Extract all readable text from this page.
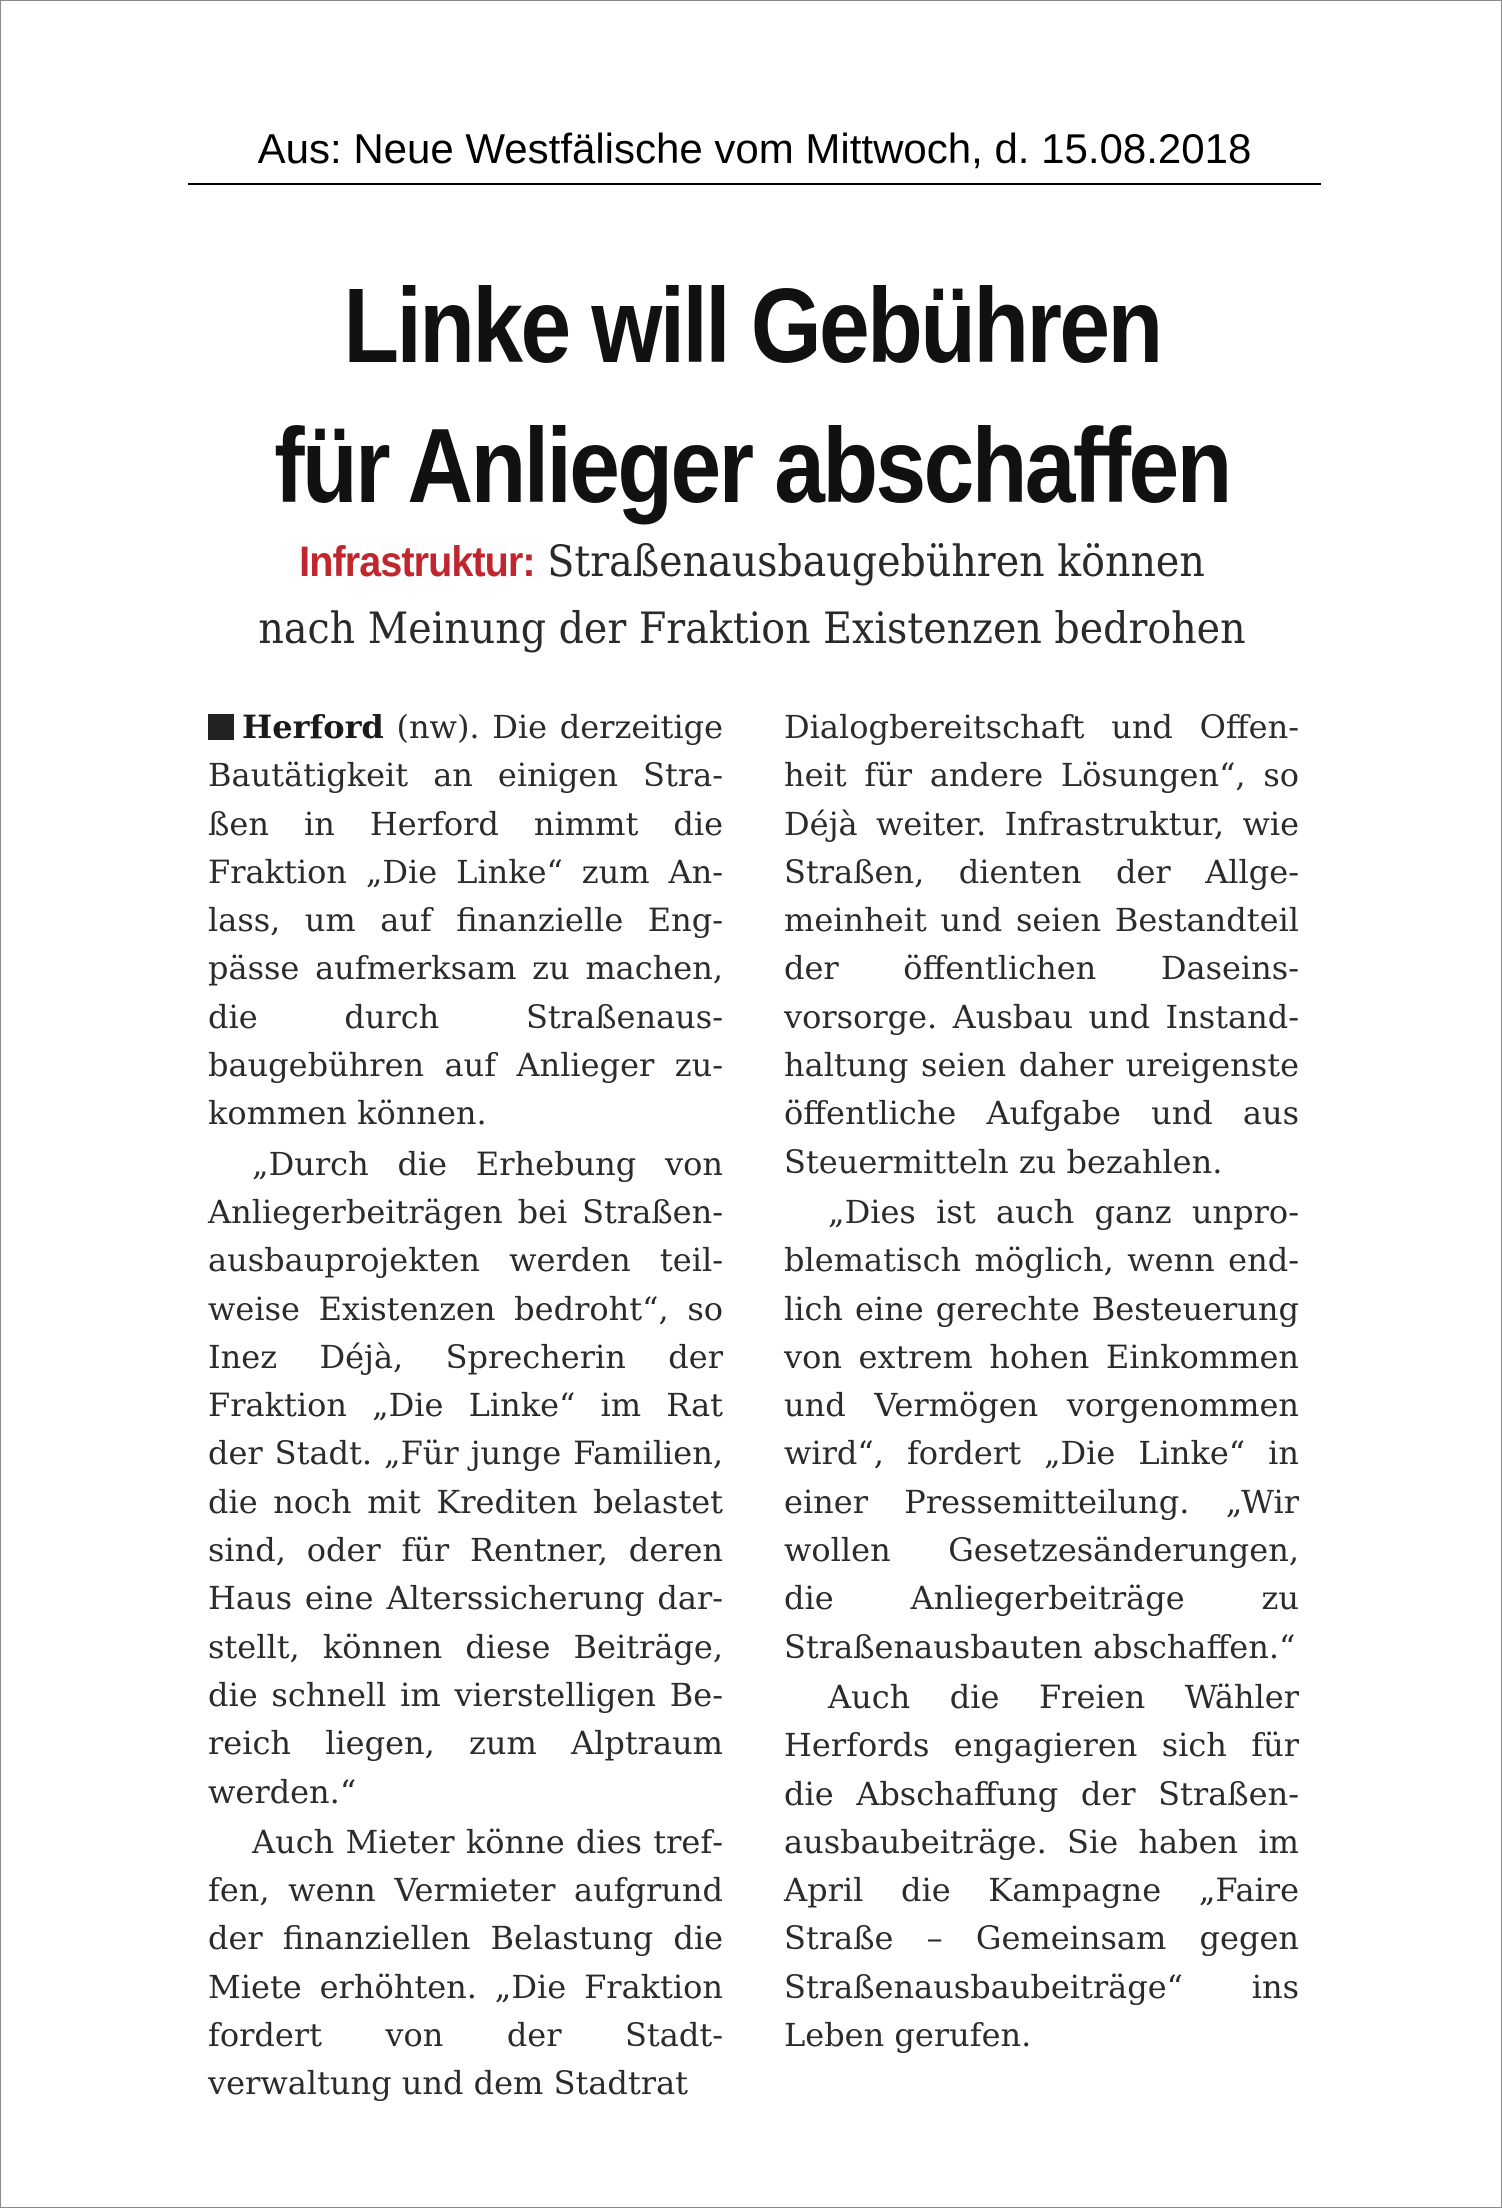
Aus: Neue Westfälische vom Mittwoch, d. 15.08.2018
Linke will Gebühren
für Anlieger abschaffen
Infrastruktur: Straßenausbaugebühren können
nach Meinung der Fraktion Existenzen bedrohen

Herford (nw). Die derzeitige Bautätigkeit an einigen Straßen in Herford nimmt die Fraktion „Die Linke“ zum Anlass, um auf finanzielle Engpässe aufmerksam zu machen, die durch Straßenausbaugebühren auf Anlieger zukommen können.

„Durch die Erhebung von Anliegerbeiträgen bei Straßenausbauprojekten werden teilweise Existenzen bedroht“, so Inez Déjà, Sprecherin der Fraktion „Die Linke“ im Rat der Stadt. „Für junge Familien, die noch mit Krediten belastet sind, oder für Rentner, deren Haus eine Alterssicherung darstellt, können diese Beiträge, die schnell im vierstelligen Bereich liegen, zum Alptraum werden.“

Auch Mieter könne dies treffen, wenn Vermieter aufgrund der finanziellen Belastung die Miete erhöhten. „Die Fraktion fordert von der Stadtverwaltung und dem Stadtrat

Dialogbereitschaft und Offenheit für andere Lösungen“, so Déjà weiter. Infrastruktur, wie Straßen, dienten der Allgemeinheit und seien Bestandteil der öffentlichen Daseinsvorsorge. Ausbau und Instandhaltung seien daher ureigenste öffentliche Aufgabe und aus Steuermitteln zu bezahlen.

„Dies ist auch ganz unproblematisch möglich, wenn endlich eine gerechte Besteuerung von extrem hohen Einkommen und Vermögen vorgenommen wird“, fordert „Die Linke“ in einer Pressemitteilung. „Wir wollen Gesetzesänderungen, die Anliegerbeiträge zu Straßenausbauten abschaffen.“

Auch die Freien Wähler Herfords engagieren sich für die Abschaffung der Straßenausbaubeiträge. Sie haben im April die Kampagne „Faire Straße – Gemeinsam gegen Straßenausbaubeiträge“ ins Leben gerufen.
